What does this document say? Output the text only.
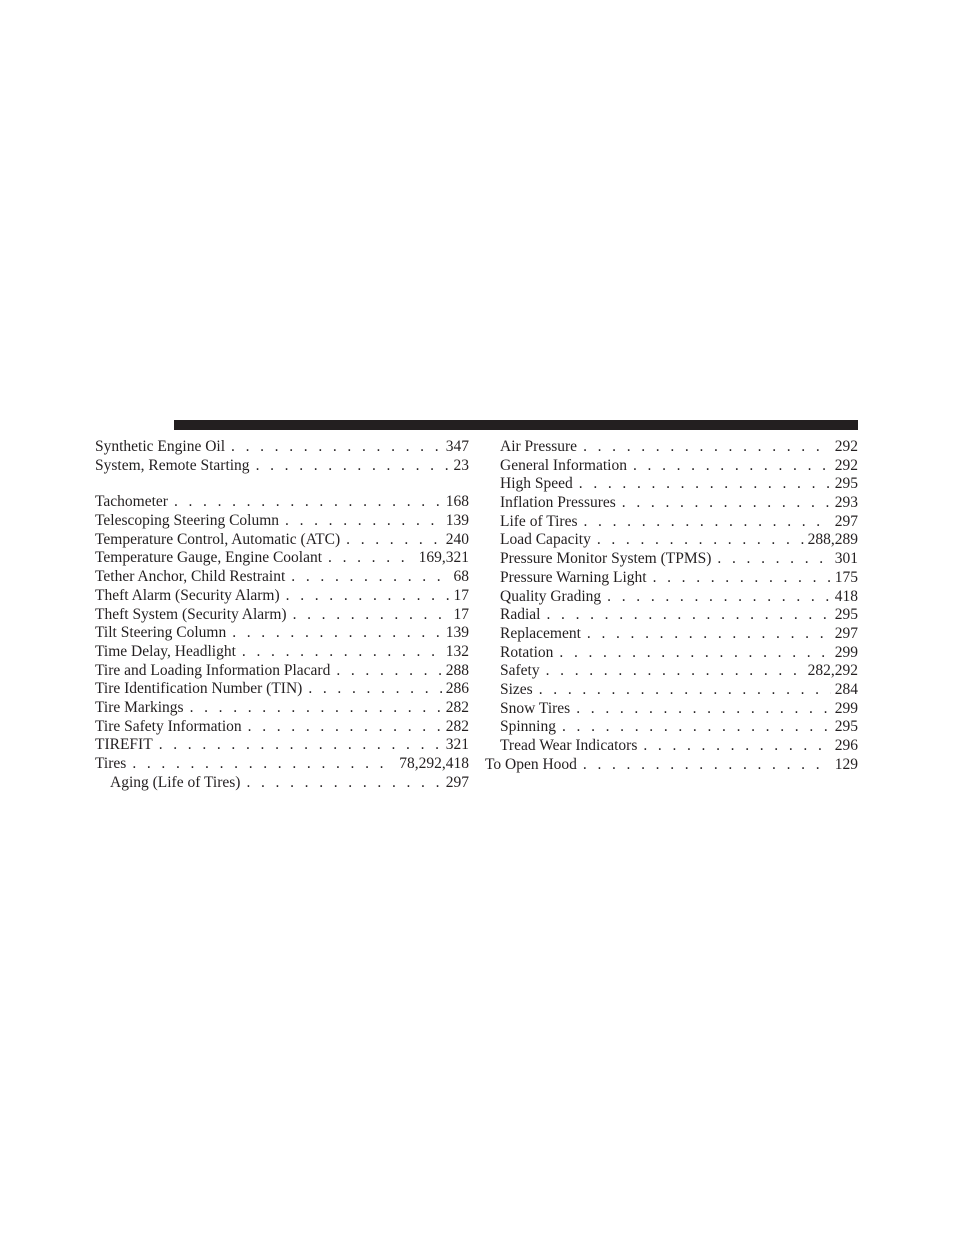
Synthetic Engine Oil . . .	347
System, Remote Starting . . .	23
Tachometer . . .	168
Telescoping Steering Column . . .	139
Temperature Control, Automatic (ATC) . . .	240
Temperature Gauge, Engine Coolant . . .	169,321
Tether Anchor, Child Restraint . . .	68
Theft Alarm (Security Alarm) . . .	17
Theft System (Security Alarm) . . .	17
Tilt Steering Column . . .	139
Time Delay, Headlight . . .	132
Tire and Loading Information Placard . . .	288
Tire Identification Number (TIN) . . .	286
Tire Markings . . .	282
Tire Safety Information . . .	282
TIREFIT . . .	321
Tires . . .	78,292,418
Aging (Life of Tires) . . .	297
Air Pressure . . .	292
General Information . . .	292
High Speed . . .	295
Inflation Pressures . . .	293
Life of Tires . . .	297
Load Capacity . . .	288,289
Pressure Monitor System (TPMS) . . .	301
Pressure Warning Light . . .	175
Quality Grading . . .	418
Radial . . .	295
Replacement . . .	297
Rotation . . .	299
Safety . . .	282,292
Sizes . . .	284
Snow Tires . . .	299
Spinning . . .	295
Tread Wear Indicators . . .	296
To Open Hood . . .	129
